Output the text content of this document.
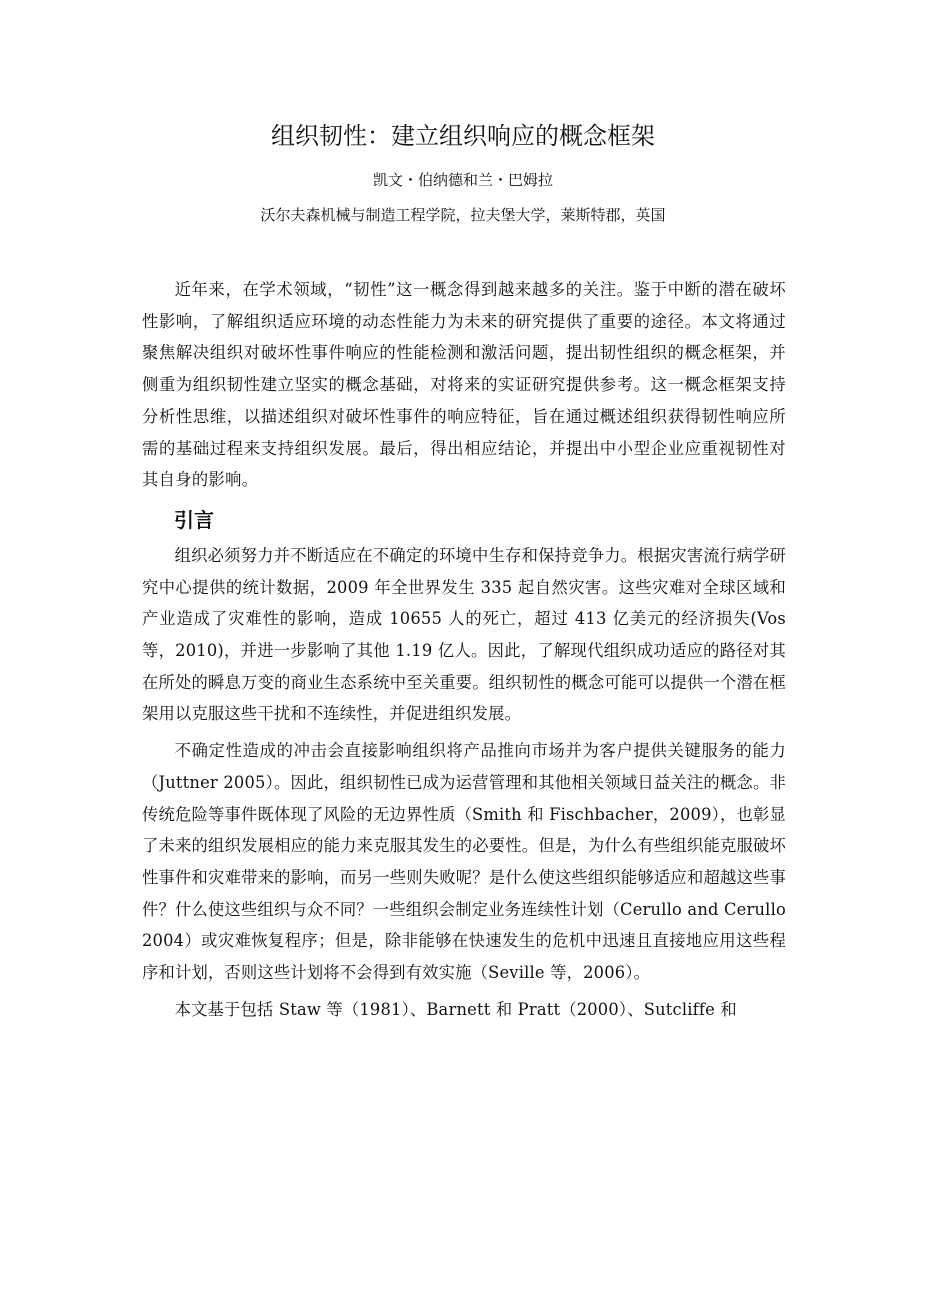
组织韧性：建立组织响应的概念框架

凯文・伯纳德和兰・巴姆拉

沃尔夫森机械与制造工程学院，拉夫堡大学，莱斯特郡，英国

近年来，在学术领域，“韧性”这一概念得到越来越多的关注。鉴于中断的潜在破坏性影响，了解组织适应环境的动态性能力为未来的研究提供了重要的途径。本文将通过聚焦解决组织对破坏性事件响应的性能检测和激活问题，提出韧性组织的概念框架，并侧重为组织韧性建立坚实的概念基础，对将来的实证研究提供参考。这一概念框架支持分析性思维，以描述组织对破坏性事件的响应特征，旨在通过概述组织获得韧性响应所需的基础过程来支持组织发展。最后，得出相应结论，并提出中小型企业应重视韧性对其自身的影响。

引言

组织必须努力并不断适应在不确定的环境中生存和保持竞争力。根据灾害流行病学研究中心提供的统计数据，2009 年全世界发生 335 起自然灾害。这些灾难对全球区域和产业造成了灾难性的影响，造成 10655 人的死亡，超过 413 亿美元的经济损失(Vos 等，2010)，并进一步影响了其他 1.19 亿人。因此，了解现代组织成功适应的路径对其在所处的瞬息万变的商业生态系统中至关重要。组织韧性的概念可能可以提供一个潜在框架用以克服这些干扰和不连续性，并促进组织发展。

不确定性造成的冲击会直接影响组织将产品推向市场并为客户提供关键服务的能力（Juttner 2005）。因此，组织韧性已成为运营管理和其他相关领域日益关注的概念。非传统危险等事件既体现了风险的无边界性质（Smith 和 Fischbacher，2009），也彰显了未来的组织发展相应的能力来克服其发生的必要性。但是，为什么有些组织能克服破坏性事件和灾难带来的影响，而另一些则失败呢？是什么使这些组织能够适应和超越这些事件？什么使这些组织与众不同？一些组织会制定业务连续性计划（Cerullo and Cerullo 2004）或灾难恢复程序；但是，除非能够在快速发生的危机中迅速且直接地应用这些程序和计划，否则这些计划将不会得到有效实施（Seville 等，2006）。

本文基于包括 Staw 等（1981）、Barnett 和 Pratt（2000）、Sutcliffe 和
